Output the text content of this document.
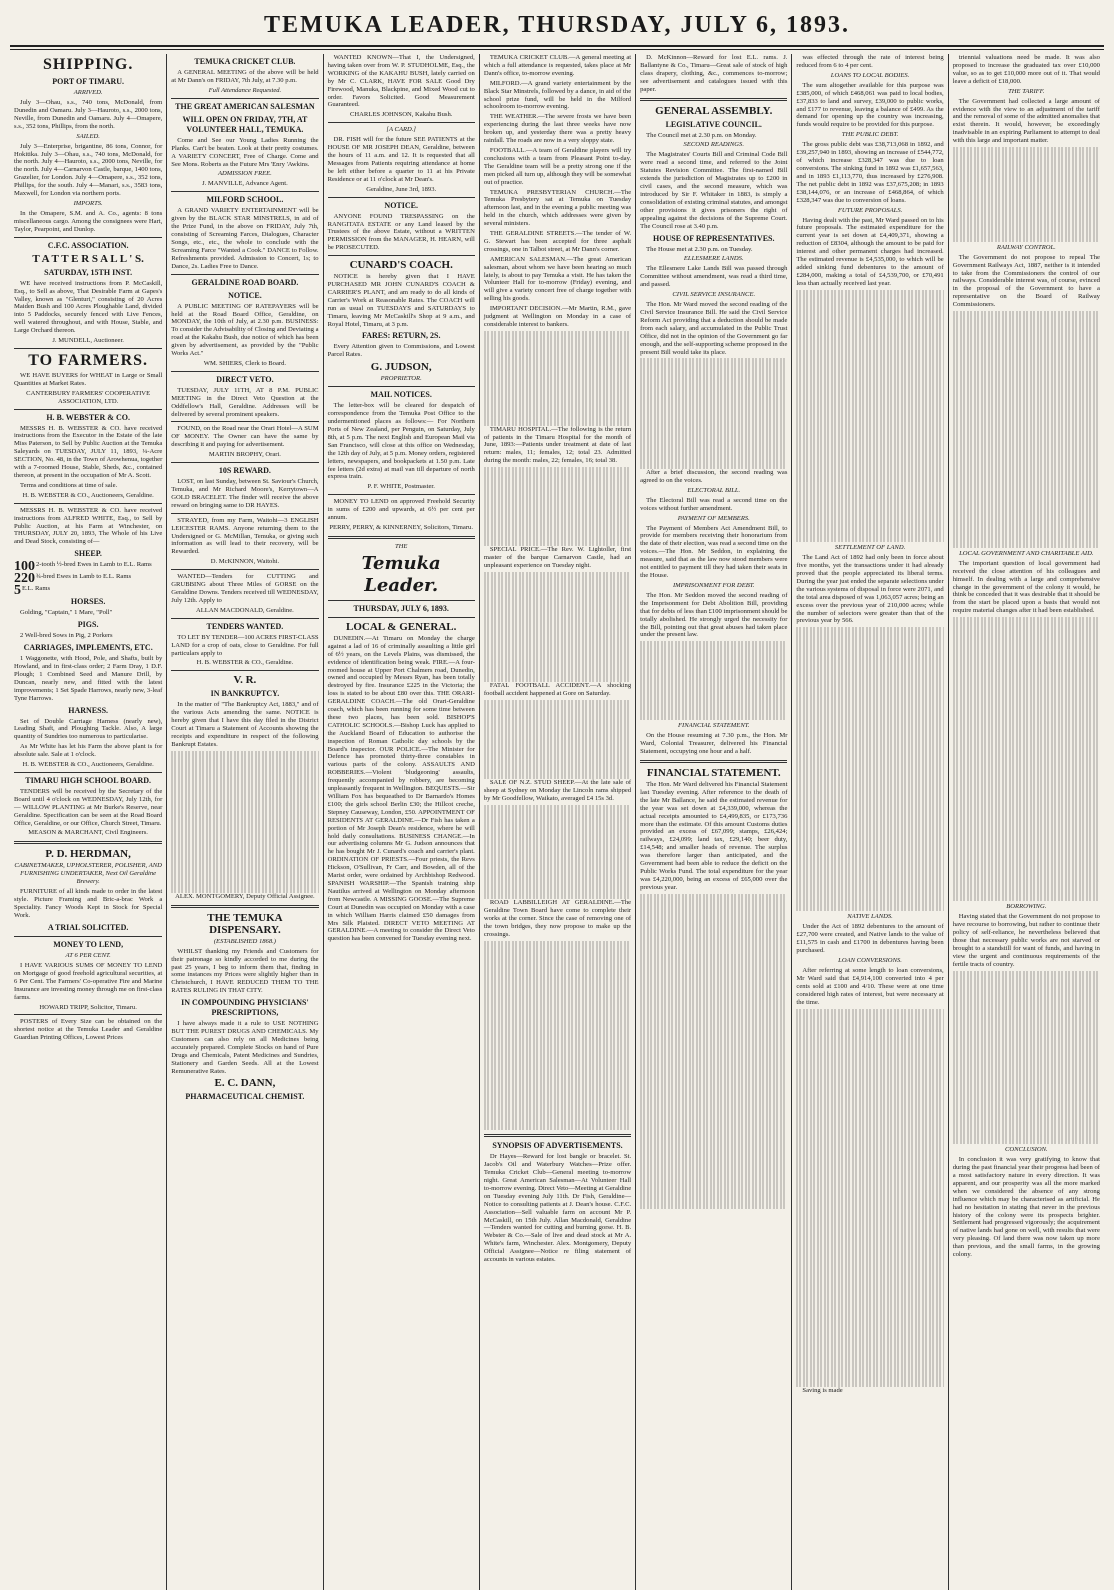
TEMUKA LEADER, THURSDAY, JULY 6, 1893.
SHIPPING.
PORT OF TIMARU.
ARRIVED.

July 3—Ohau, s.s., 740 tons, McDonald, from Dunedin and Oamaru. July 3—Hauroto, s.s., 2000 tons, Neville, from Dunedin and Oamaru. July 4—Omapere, s.s., 352 tons, Phillips, from the north.

SAILED.

July 3—Enterprise, brigantine, 86 tons, Connor, for Hokitika. July 3—Ohau, s.s., 740 tons, McDonald, for the north. July 4—Hauroto, s.s., 2000 tons, Neville, for the north. July 4—Carnarvon Castle, barque, 1400 tons, Grazelier, for London. July 4—Omapere, s.s., 352 tons, Phillips, for the south. July 4—Manari, s.s., 3583 tons, Maxwell, for London via northern ports.

IMPORTS.

In the Omapere, S.M. and A. Co., agents: 8 tons miscellaneous cargo. Among the consignees were Hart, Taylor, Pearpoint, and Dunlop.

C.F.C. ASSOCIATION.
T A T T E R S A L L ' S.
SATURDAY, 15TH INST.

WE have received instructions from P. McCaskill, Esq., to Sell as above, That Desirable Farm at Gapes's Valley, known as "Glenturi," consisting of 20 Acres Maiden Bush and 100 Acres Ploughable Land, divided into 5 Paddocks, securely fenced with Live Fences, well watered throughout, and with House, Stable, and Large Orchard thereon.

J. MUNDELL, Auctioneer.
TO FARMERS.

WE HAVE BUYERS for WHEAT in Large or Small Quantities at Market Rates.

CANTERBURY FARMERS' COOPERATIVE ASSOCIATION, LTD.
H. B. WEBSTER & CO.

MESSRS H. B. WEBSTER & CO. have received instructions from the Executor in the Estate of the late Miss Paterson, to Sell by Public Auction at the Temuka Saleyards on TUESDAY, JULY 11, 1893, ¼-Acre SECTION, No. 48, in the Town of Arowhenua, together with a 7-roomed House, Stable, Sheds, &c., contained thereon, at present in the occupation of Mr A. Scott.

Terms and conditions at time of sale.

H. B. WEBSTER & CO., Auctioneers, Geraldine.

MESSRS H. B. WEBSTER & CO. have received instructions from ALFRED WHITE, Esq., to Sell by Public Auction, at his Farm at Winchester, on THURSDAY, JULY 20, 1893, The Whole of his Live and Dead Stock, consisting of—

SHEEP.
100 2-tooth ½-bred Ewes in Lamb to E.L. Rams
220 ¾-bred Ewes in Lamb to E.L. Rams
5 E.L. Rams
HORSES.

Golding, "Captain," 1 Mare, "Poll"

PIGS.

2 Well-bred Sows in Pig, 2 Porkers

CARRIAGES, IMPLEMENTS, ETC.

1 Waggonette, with Hood, Pole, and Shafts, built by Howland, and in first-class order; 2 Farm Dray, 1 D.F. Plough; 1 Combined Seed and Manure Drill, by Duncan, nearly new, and fitted with the latest improvements; 1 Set Spade Harrows, nearly new, 3-leaf Tyne Harrows.

HARNESS.

Set of Double Carriage Harness (nearly new), Leading Shaft, and Ploughing Tackle. Also, A large quantity of Sundries too numerous to particularise.

As Mr White has let his Farm the above plant is for absolute sale. Sale at 1 o'clock.

H. B. WEBSTER & CO., Auctioneers, Geraldine.
TIMARU HIGH SCHOOL BOARD.

TENDERS will be received by the Secretary of the Board until 4 o'clock on WEDNESDAY, July 12th, for— WILLOW PLANTING at Mr Burke's Reserve, near Geraldine. Specification can be seen at the Road Board Office, Geraldine, or our Office, Church Street, Timaru.

MEASON & MARCHANT, Civil Engineers.
P. D. HERDMAN,
CABINETMAKER, UPHOLSTERER, POLISHER, AND FURNISHING UNDERTAKER, Next Oil Geraldine Brewery.

FURNITURE of all kinds made to order in the latest style. Picture Framing and Bric-a-brac Work a Speciality. Fancy Woods Kept in Stock for Special Work.

A TRIAL SOLICITED.
MONEY TO LEND,
AT 6 PER CENT.

I HAVE VARIOUS SUMS OF MONEY TO LEND on Mortgage of good freehold agricultural securities, at 6 Per Cent. The Farmers' Co-operative Fire and Marine Insurance are investing money through me on first-class farms.

HOWARD TRIPP, Solicitor, Timaru.

POSTERS of Every Size can be obtained on the shortest notice at the Temuka Leader and Geraldine Guardian Printing Offices, Lowest Prices

TEMUKA CRICKET CLUB.

A GENERAL MEETING of the above will be held at Mr Dann's on FRIDAY, 7th July, at 7.30 p.m.

Full Attendance Requested.
THE GREAT AMERICAN SALESMAN
WILL OPEN ON FRIDAY, 7TH, AT VOLUNTEER HALL, TEMUKA.

Come and See our Young Ladies Running the Planks. Can't be beaten. Look at their pretty costumes. A VARIETY CONCERT, Free of Charge. Come and See Mons. Roberts as the Future Mrs 'Enry 'Awkins.

ADMISSION FREE.
J. MANVILLE, Advance Agent.
MILFORD SCHOOL.

A GRAND VARIETY ENTERTAINMENT will be given by the BLACK STAR MINSTRELS, in aid of the Prize Fund, in the above on FRIDAY, July 7th, consisting of Screaming Farces, Dialogues, Character Songs, etc., etc., the whole to conclude with the Screaming Farce "Wanted a Cook." DANCE to Follow. Refreshments provided. Admission to Concert, 1s; to Dance, 2s. Ladies Free to Dance.

GERALDINE ROAD BOARD.
NOTICE.

A PUBLIC MEETING OF RATEPAYERS will be held at the Road Board Office, Geraldine, on MONDAY, the 10th of July, at 2.30 p.m. BUSINESS: To consider the Advisability of Closing and Deviating a road at the Kakahu Bush, due notice of which has been given by advertisement, as provided by the "Public Works Act."

WM. SHIERS, Clerk to Board.
DIRECT VETO.

TUESDAY, JULY 11TH, AT 8 P.M. PUBLIC MEETING in the Direct Veto Question at the Oddfellow's Hall, Geraldine. Addresses will be delivered by several prominent speakers.

FOUND, on the Road near the Orari Hotel—A SUM OF MONEY. The Owner can have the same by describing it and paying for advertisement.

MARTIN BROPHY, Orari.
10S REWARD.

LOST, on last Sunday, between St. Saviour's Church, Temuka, and Mr Richard Moore's, Kerrytown—A GOLD BRACELET. The finder will receive the above reward on bringing same to DR HAYES.

STRAYED, from my Farm, Waitohi—3 ENGLISH LEICESTER RAMS. Anyone returning them to the Undersigned or G. McMillan, Temuka, or giving such information as will lead to their recovery, will be Rewarded.

D. McKINNON, Waitohi.

WANTED—Tenders for CUTTING and GRUBBING about Three Miles of GORSE on the Geraldine Downs. Tenders received till WEDNESDAY, July 12th. Apply to

ALLAN MACDONALD, Geraldine.
TENDERS WANTED.

TO LET BY TENDER—100 ACRES FIRST-CLASS LAND for a crop of oats, close to Geraldine. For full particulars apply to

H. B. WEBSTER & CO., Geraldine.
V. R.
IN BANKRUPTCY.

In the matter of "The Bankruptcy Act, 1883," and of the various Acts amending the same. NOTICE is hereby given that I have this day filed in the District Court at Timaru a Statement of Accounts showing the receipts and expenditure in respect of the following Bankrupt Estates.

ALEX. MONTGOMERY, Deputy Official Assignee.
THE TEMUKA DISPENSARY.
(ESTABLISHED 1868.)

WHILST thanking my Friends and Customers for their patronage so kindly accorded to me during the past 25 years, I beg to inform them that, finding in some instances my Prices were slightly higher than in Christchurch, I HAVE REDUCED THEM TO THE RATES RULING IN THAT CITY.

IN COMPOUNDING PHYSICIANS' PRESCRIPTIONS,

I have always made it a rule to USE NOTHING BUT THE PUREST DRUGS AND CHEMICALS. My Customers can also rely on all Medicines being accurately prepared. Complete Stocks on hand of Pure Drugs and Chemicals, Patent Medicines and Sundries, Stationery and Garden Seeds. All at the Lowest Remunerative Rates.

E. C. DANN,
PHARMACEUTICAL CHEMIST.

WANTED KNOWN—That I, the Undersigned, having taken over from W. P. STUDHOLME, Esq., the WORKING of the KAKAHU BUSH, lately carried on by Mr C. CLARK, HAVE FOR SALE Good Dry Firewood, Manuka, Blackpine, and Mixed Wood cut to order. Favors Solicited. Good Measurement Guaranteed.

CHARLES JOHNSON, Kakahu Bush.
[A CARD.]

DR. FISH will for the future SEE PATIENTS at the HOUSE OF MR JOSEPH DEAN, Geraldine, between the hours of 11 a.m. and 12. It is requested that all Messages from Patients requiring attendance at home be left either before a quarter to 11 at his Private Residence or at 11 o'clock at Mr Dean's.

Geraldine, June 3rd, 1893.
NOTICE.

ANYONE FOUND TRESPASSING on the RANGITATA ESTATE or any Land leased by the Trustees of the above Estate, without a WRITTEN PERMISSION from the MANAGER, H. HEARN, will be PROSECUTED.

CUNARD'S COACH.

NOTICE is hereby given that I HAVE PURCHASED MR JOHN CUNARD'S COACH & CARRIER'S PLANT, and am ready to do all kinds of Carrier's Work at Reasonable Rates. The COACH will run as usual on TUESDAYS and SATURDAYS to Timaru, leaving Mr McCaskill's Shop at 9 a.m., and Royal Hotel, Timaru, at 3 p.m.

FARES: RETURN, 2S.

Every Attention given to Commissions, and Lowest Parcel Rates.

G. JUDSON,
PROPRIETOR.
MAIL NOTICES.

The letter-box will be cleared for despatch of correspondence from the Temuka Post Office to the undermentioned places as follows:— For Northern Ports of New Zealand, per Penguin, on Saturday, July 8th, at 5 p.m. The next English and European Mail via San Francisco, will close at this office on Wednesday, the 12th day of July, at 5 p.m. Money orders, registered letters, newspapers, and bookpackets at 1.50 p.m. Late fee letters (2d extra) at mail van till departure of north express train.

P. F. WHITE, Postmaster.

MONEY TO LEND on approved Freehold Security in sums of £200 and upwards, at 6½ per cent per annum.

PERRY, PERRY, & KINNERNEY, Solicitors, Timaru.
THE
Temuka Leader.
THURSDAY, JULY 6, 1893.
LOCAL & GENERAL.

DUNEDIN.—At Timaru on Monday the charge against a lad of 16 of criminally assaulting a little girl of 6½ years, on the Levels Plains, was dismissed, the evidence of identification being weak. FIRE.—A four-roomed house at Upper Port Chalmers road, Dunedin, owned and occupied by Messrs Ryan, has been totally destroyed by fire. Insurance £225 in the Victoria; the loss is stated to be about £80 over this. THE ORARI-GERALDINE COACH.—The old Orari-Geraldine coach, which has been running for some time between these two places, has been sold. BISHOP'S CATHOLIC SCHOOLS.—Bishop Luck has applied to the Auckland Board of Education to authorise the inspection of Roman Catholic day schools by the Board's inspector. OUR POLICE.—The Minister for Defence has promoted thirty-three constables in various parts of the colony. ASSAULTS AND ROBBERIES.—Violent 'bludgeoning' assaults, frequently accompanied by robbery, are becoming unpleasantly frequent in Wellington. BEQUESTS.—Sir William Fox has bequeathed to Dr Barnardo's Homes £100; the girls school Berlin £30; the Hillcot creche, Stepney Causeway, London, £50. APPOINTMENT OF RESIDENTS AT GERALDINE.—Dr Fish has taken a portion of Mr Joseph Dean's residence, where he will hold daily consultations. BUSINESS CHANGE.—In our advertising columns Mr G. Judson announces that he has bought Mr J. Cunard's coach and carrier's plant. ORDINATION OF PRIESTS.—Four priests, the Revs Hickson, O'Sullivan, Fr Carr, and Bowden, all of the Marist order, were ordained by Archbishop Redwood. SPANISH WARSHIP.—The Spanish training ship Nautilus arrived at Wellington on Monday afternoon from Newcastle. A MISSING GOOSE.—The Supreme Court at Dunedin was occupied on Monday with a case in which William Harris claimed £50 damages from Mrs Silk Plaisted. DIRECT VETO MEETING AT GERALDINE.—A meeting to consider the Direct Veto question has been convened for Tuesday evening next.

TEMUKA CRICKET CLUB.—A general meeting at which a full attendance is requested, takes place at Mr Dann's office, to-morrow evening.

MILFORD.—A grand variety entertainment by the Black Star Minstrels, followed by a dance, in aid of the school prize fund, will be held in the Milford schoolroom to-morrow evening.

THE WEATHER.—The severe frosts we have been experiencing during the last three weeks have now broken up, and yesterday there was a pretty heavy rainfall. The roads are now in a very sloppy state.

FOOTBALL.—A team of Geraldine players will try conclusions with a team from Pleasant Point to-day. The Geraldine team will be a pretty strong one if the men picked all turn up, although they will be somewhat out of practice.

TEMUKA PRESBYTERIAN CHURCH.—The Temuka Presbytery sat at Temuka on Tuesday afternoon last, and in the evening a public meeting was held in the church, which addresses were given by several ministers.

THE GERALDINE STREETS.—The tender of W. G. Stewart has been accepted for three asphalt crossings, one in Talbot street, at Mr Dann's corner.

AMERICAN SALESMAN.—The great American salesman, about whom we have been hearing so much lately, is about to pay Temuka a visit. He has taken the Volunteer Hall for to-morrow (Friday) evening, and will give a variety concert free of charge together with selling his goods.

IMPORTANT DECISION.—Mr Martin, R.M., gave judgment at Wellington on Monday in a case of considerable interest to bankers.

TIMARU HOSPITAL.—The following is the return of patients in the Timaru Hospital for the month of June, 1893:—Patients under treatment at date of last return: males, 11; females, 12; total 23. Admitted during the month: males, 22; females, 16; total 38.

SPECIAL PRICE.—The Rev. W. Lightoller, first master of the barque Carnarvon Castle, had an unpleasant experience on Tuesday night.

FATAL FOOTBALL ACCIDENT.—A shocking football accident happened at Gore on Saturday.

SALE OF N.Z. STUD SHEEP.—At the late sale of sheep at Sydney on Monday the Lincoln rams shipped by Mr Goodfellow, Waikato, averaged £4 15s 3d.

ROAD LABBILLEIGH AT GERALDINE.—The Geraldine Town Board have come to complete their works at the corner. Since the case of removing one of the town bridges, they now propose to make up the crossings.

SYNOPSIS OF ADVERTISEMENTS.

Dr Hayes—Reward for lost bangle or bracelet. St. Jacob's Oil and Waterbury Watches—Prize offer. Temuka Cricket Club—General meeting to-morrow night. Great American Salesman—At Volunteer Hall to-morrow evening. Direct Veto—Meeting at Geraldine on Tuesday evening July 11th. Dr Fish, Geraldine—Notice to consulting patients at J. Dean's house. C.F.C. Association—Sell valuable farm on account Mr P. McCaskill, on 15th July. Allan Macdonald, Geraldine—Tenders wanted for cutting and burning gorse. H. B. Webster & Co.—Sale of live and dead stock at Mr A. White's farm, Winchester. Alex. Montgomery, Deputy Official Assignee—Notice re filing statement of accounts in various estates.

D. McKinnon—Reward for lost E.L. rams. J. Ballantyne & Co., Timaru—Great sale of stock of high class drapery, clothing, &c., commences to-morrow; see advertisement and catalogues issued with this paper.

GENERAL ASSEMBLY.
LEGISLATIVE COUNCIL.

The Council met at 2.30 p.m. on Monday.

SECOND READINGS.

The Magistrates' Courts Bill and Criminal Code Bill were read a second time, and referred to the Joint Statutes Revision Committee. The first-named Bill extends the jurisdiction of Magistrates up to £200 in civil cases, and the second measure, which was introduced by Sir F. Whitaker in 1883, is simply a consolidation of existing criminal statutes, and amongst other provisions it gives prisoners the right of appealing against the decisions of the Supreme Court. The Council rose at 3.40 p.m.

HOUSE OF REPRESENTATIVES.

The House met at 2.30 p.m. on Tuesday.

ELLESMERE LANDS.

The Ellesmere Lake Lands Bill was passed through Committee without amendment, was read a third time, and passed.

CIVIL SERVICE INSURANCE.

The Hon. Mr Ward moved the second reading of the Civil Service Insurance Bill. He said the Civil Service Reform Act providing that a deduction should be made from each salary, and accumulated in the Public Trust Office, did not in the opinion of the Government go far enough, and the self-supporting scheme proposed in the present Bill would take its place.

After a brief discussion, the second reading was agreed to on the voices.

ELECTORAL BILL.

The Electoral Bill was read a second time on the voices without further amendment.

PAYMENT OF MEMBERS.

The Payment of Members Act Amendment Bill, to provide for members receiving their honorarium from the date of their election, was read a second time on the voices.—The Hon. Mr Seddon, in explaining the measure, said that as the law now stood members were not entitled to payment till they had taken their seats in the House.

IMPRISONMENT FOR DEBT.

The Hon. Mr Seddon moved the second reading of the Imprisonment for Debt Abolition Bill, providing that for debts of less than £100 imprisonment should be totally abolished. He strongly urged the necessity for the Bill, pointing out that great abuses had taken place under the present law.

FINANCIAL STATEMENT.

On the House resuming at 7.30 p.m., the Hon. Mr Ward, Colonial Treasurer, delivered his Financial Statement, occupying one hour and a half.

FINANCIAL STATEMENT.

The Hon. Mr Ward delivered his Financial Statement last Tuesday evening. After reference to the death of the late Mr Ballance, he said the estimated revenue for the year was set down at £4,339,000, whereas the actual receipts amounted to £4,499,835, or £173,736 more than the estimate. Of this amount Customs duties provided an excess of £67,099; stamps, £26,424; railways, £24,099; land tax, £29,140; beer duty, £14,548; and smaller heads of revenue. The surplus was therefore larger than anticipated, and the Government had been able to reduce the deficit on the Public Works Fund. The total expenditure for the year was £4,220,000, being an excess of £65,000 over the previous year.

was effected through the rate of interest being reduced from 6 to 4 per cent.

LOANS TO LOCAL BODIES.

The sum altogether available for this purpose was £385,000, of which £468,061 was paid to local bodies, £37,833 to land and survey, £39,000 to public works, and £177 to revenue, leaving a balance of £499. As the demand for opening up the country was increasing, funds would require to be provided for this purpose.

THE PUBLIC DEBT.

The gross public debt was £38,713,068 in 1892, and £39,257,940 in 1893, showing an increase of £544,772, of which increase £328,347 was due to loan conversions. The sinking fund in 1892 was £1,657,563, and in 1893 £1,113,770, thus increased by £276,908. The net public debt in 1892 was £37,675,208; in 1893 £38,144,076, or an increase of £468,864, of which £328,347 was due to conversion of loans.

FUTURE PROPOSALS.

Having dealt with the past, Mr Ward passed on to his future proposals. The estimated expenditure for the current year is set down at £4,409,371, showing a reduction of £8304, although the amount to be paid for interest and other permanent charges had increased. The estimated revenue is £4,535,000, to which will be added sinking fund debentures to the amount of £284,000, making a total of £4,539,700, or £70,491 less than actually received last year.

SETTLEMENT OF LAND.

The Land Act of 1892 had only been in force about five months, yet the transactions under it had already proved that the people appreciated its liberal terms. During the year just ended the separate selections under the various systems of disposal in force were 2071, and the total area disposed of was 1,063,057 acres; being an excess over the previous year of 210,000 acres; while the number of selectors were greater than that of the previous year by 566.

NATIVE LANDS.

Under the Act of 1892 debentures to the amount of £27,700 were created, and Native lands to the value of £11,575 in cash and £1700 in debentures having been purchased.

LOAN CONVERSIONS.

After referring at some length to loan conversions, Mr Ward said that £4,914,100 converted into 4 per cents sold at £100 and 4/10. These were at one time considered high rates of interest, but were necessary at the time.

Saving is made

triennial valuations need be made. It was also proposed to increase the graduated tax over £10,000 value, so as to get £10,000 more out of it. That would leave a deficit of £18,000.

THE TARIFF.

The Government had collected a large amount of evidence with the view to an adjustment of the tariff and the removal of some of the admitted anomalies that exist therein. It would, however, be exceedingly inadvisable in an expiring Parliament to attempt to deal with this large and important matter.

RAILWAY CONTROL.

The Government do not propose to repeal The Government Railways Act, 1887, neither is it intended to take from the Commissioners the control of our railways. Considerable interest was, of course, evinced in the proposal of the Government to have a representative on the Board of Railway Commissioners.

LOCAL GOVERNMENT AND CHARITABLE AID.

The important question of local government had received the close attention of his colleagues and himself. In dealing with a large and comprehensive change in the government of the colony it would, he think be conceded that it was desirable that it should be from the start be placed upon a basis that would not require material changes after it had been established.

BORROWING.

Having stated that the Government do not propose to have recourse to borrowing, but rather to continue their policy of self-reliance, he nevertheless believed that those that necessary public works are not starved or brought to a standstill for want of funds, and having in view the urgent and continuous requirements of the fertile tracts of country.

CONCLUSION.

In conclusion it was very gratifying to know that during the past financial year their progress had been of a most satisfactory nature in every direction. It was apparent, and our prosperity was all the more marked when we considered the absence of any strong influence which may be characterised as artificial. He had no hesitation in stating that never in the previous history of the colony were its prospects brighter. Settlement had progressed vigorously; the acquirement of native lands had gone on well, with results that were very pleasing. Of land there was now taken up more than previous, and the small farms, in the growing colony.
